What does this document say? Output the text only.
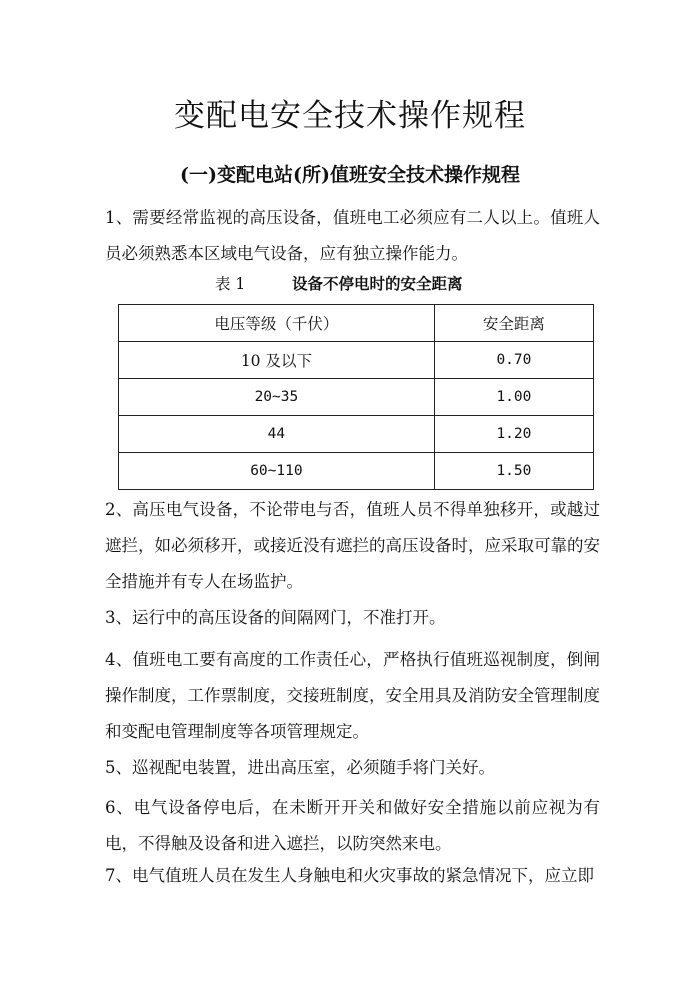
变配电安全技术操作规程
(一)变配电站(所)值班安全技术操作规程

1、需要经常监视的高压设备，值班电工必须应有二人以上。值班人员必须熟悉本区域电气设备，应有独立操作能力。

表 1	设备不停电时的安全距离
电压等级（千伏）	安全距离
10 及以下	0.70
20~35	1.00
44	1.20
60~110	1.50

2、高压电气设备，不论带电与否，值班人员不得单独移开，或越过遮拦，如必须移开，或接近没有遮拦的高压设备时，应采取可靠的安全措施并有专人在场监护。

3、运行中的高压设备的间隔网门，不准打开。

4、值班电工要有高度的工作责任心，严格执行值班巡视制度，倒闸操作制度，工作票制度，交接班制度，安全用具及消防安全管理制度和变配电管理制度等各项管理规定。

5、巡视配电装置，进出高压室，必须随手将门关好。

6、电气设备停电后，在未断开开关和做好安全措施以前应视为有电，不得触及设备和进入遮拦，以防突然来电。

7、电气值班人员在发生人身触电和火灾事故的紧急情况下，应立即
